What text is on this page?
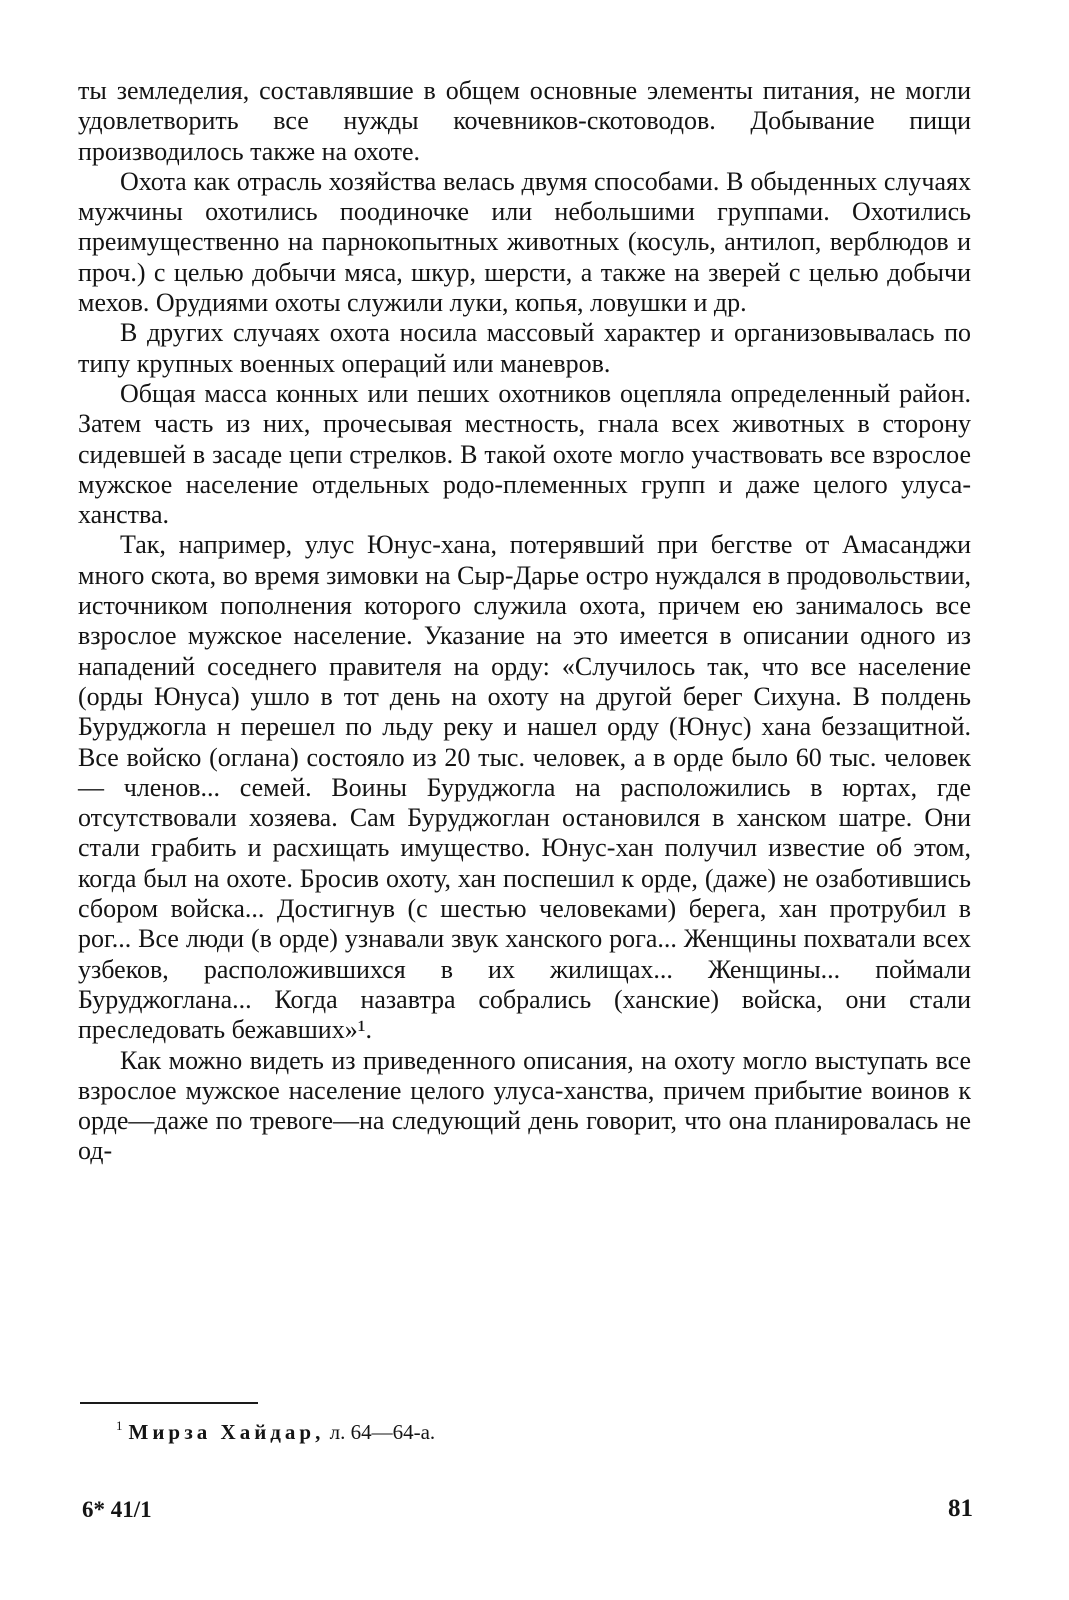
ты земледелия, составлявшие в общем основные элементы питания, не могли удовлетворить все нужды кочевников-скотоводов. Добывание пищи производилось также на охоте.

Охота как отрасль хозяйства велась двумя способами. В обыденных случаях мужчины охотились поодиночке или небольшими группами. Охотились преимущественно на парнокопытных животных (косуль, антилоп, верблюдов и проч.) с целью добычи мяса, шкур, шерсти, а также на зверей с целью добычи мехов. Орудиями охоты служили луки, копья, ловушки и др.

В других случаях охота носила массовый характер и организовывалась по типу крупных военных операций или маневров.

Общая масса конных или пеших охотников оцепляла определенный район. Затем часть из них, прочесывая местность, гнала всех животных в сторону сидевшей в засаде цепи стрелков. В такой охоте могло участвовать все взрослое мужское население отдельных родо-племенных групп и даже целого улуса-ханства.

Так, например, улус Юнус-хана, потерявший при бегстве от Амасанджи много скота, во время зимовки на Сыр-Дарье остро нуждался в продовольствии, источником пополнения которого служила охота, причем ею занималось все взрослое мужское население. Указание на это имеется в описании одного из нападений соседнего правителя на орду: «Случилось так, что все население (орды Юнуса) ушло в тот день на охоту на другой берег Сихуна. В полдень Буруджогла н перешел по льду реку и нашел орду (Юнус) хана беззащитной. Все войско (оглана) состояло из 20 тыс. человек, а в орде было 60 тыс. человек — членов... семей. Воины Буруджогла на расположились в юртах, где отсутствовали хозяева. Сам Буруджоглан остановился в ханском шатре. Они стали грабить и расхищать имущество. Юнус-хан получил известие об этом, когда был на охоте. Бросив охоту, хан поспешил к орде, (даже) не озаботившись сбором войска... Достигнув (с шестью человеками) берега, хан протрубил в рог... Все люди (в орде) узнавали звук ханского рога... Женщины похватали всех узбеков, расположившихся в их жилищах... Женщины... поймали Буруджоглана... Когда назавтра собрались (ханские) войска, они стали преследовать бежавших»¹.

Как можно видеть из приведенного описания, на охоту могло выступать все взрослое мужское население целого улуса-ханства, причем прибытие воинов к орде—даже по тревоге—на следующий день говорит, что она планировалась не од-

$^1$ Мирза Хайдар, л. 64—64-а.
6* 41/1	81
